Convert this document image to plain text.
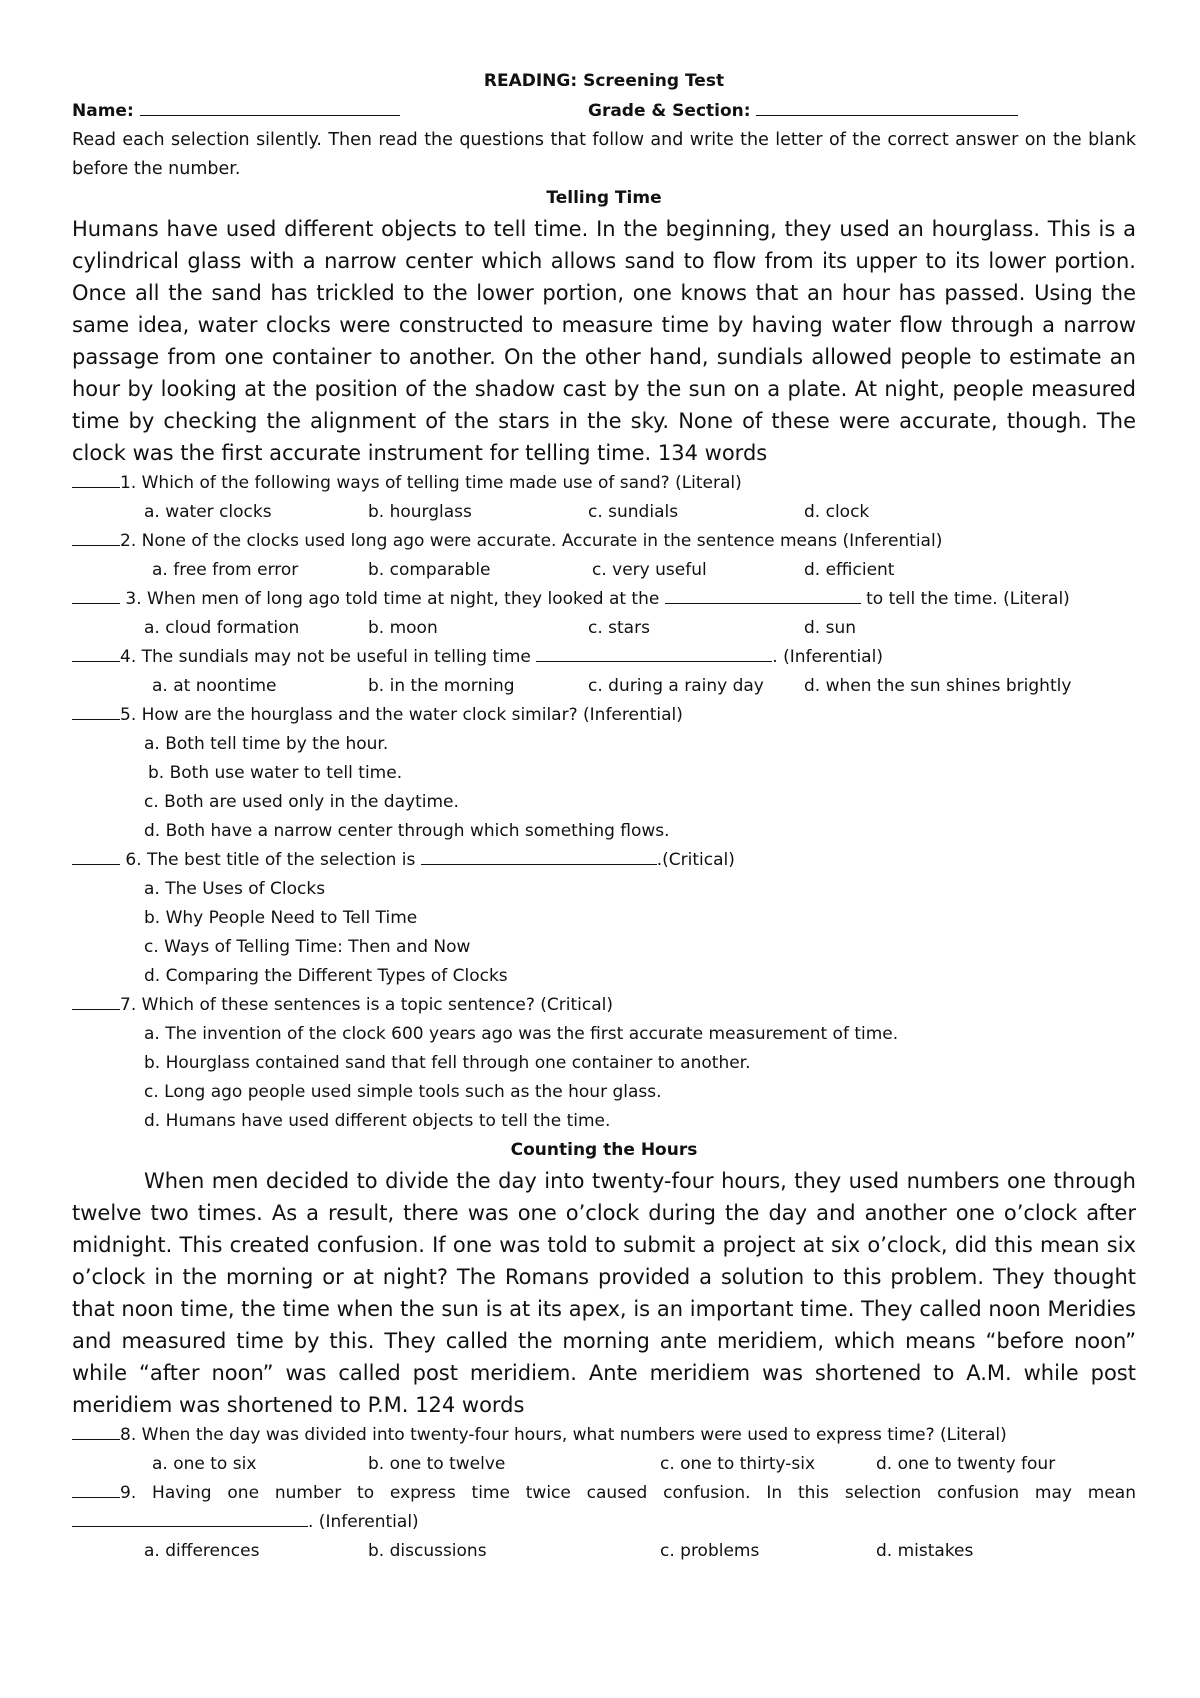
READING: Screening Test
Name:	Grade & Section:
Read each selection silently. Then read the questions that follow and write the letter of the correct answer on the blank before the number.
Telling Time
Humans have used different objects to tell time. In the beginning, they used an hourglass. This is a cylindrical glass with a narrow center which allows sand to flow from its upper to its lower portion. Once all the sand has trickled to the lower portion, one knows that an hour has passed. Using the same idea, water clocks were constructed to measure time by having water flow through a narrow passage from one container to another. On the other hand, sundials allowed people to estimate an hour by looking at the position of the shadow cast by the sun on a plate. At night, people measured time by checking the alignment of the stars in the sky. None of these were accurate, though. The clock was the first accurate instrument for telling time. 134 words
1. Which of the following ways of telling time made use of sand? (Literal)
a. water clocks	b. hourglass	c. sundials	d. clock
2. None of the clocks used long ago were accurate. Accurate in the sentence means (Inferential)
a. free from error	b. comparable	c. very useful	d. efficient
3. When men of long ago told time at night, they looked at the	to tell the time. (Literal)
a. cloud formation	b. moon	c. stars	d. sun
4. The sundials may not be useful in telling time	. (Inferential)
a. at noontime	b. in the morning	c. during a rainy day d. when the sun shines brightly
5. How are the hourglass and the water clock similar? (Inferential)
a. Both tell time by the hour.
b. Both use water to tell time.
c. Both are used only in the daytime.
d. Both have a narrow center through which something flows.
6. The best title of the selection is	.(Critical)
a. The Uses of Clocks
b. Why People Need to Tell Time
c. Ways of Telling Time: Then and Now
d. Comparing the Different Types of Clocks
7. Which of these sentences is a topic sentence? (Critical)
a. The invention of the clock 600 years ago was the first accurate measurement of time.
b. Hourglass contained sand that fell through one container to another.
c. Long ago people used simple tools such as the hour glass.
d. Humans have used different objects to tell the time.
Counting the Hours
When men decided to divide the day into twenty-four hours, they used numbers one through twelve two times. As a result, there was one o’clock during the day and another one o’clock after midnight. This created confusion. If one was told to submit a project at six o’clock, did this mean six o’clock in the morning or at night? The Romans provided a solution to this problem. They thought that noon time, the time when the sun is at its apex, is an important time. They called noon Meridies and measured time by this. They called the morning ante meridiem, which means “before noon” while “after noon” was called post meridiem. Ante meridiem was shortened to A.M. while post meridiem was shortened to P.M. 124 words
8. When the day was divided into twenty-four hours, what numbers were used to express time? (Literal)
a. one to six	b. one to twelve	c. one to thirty-six	d. one to twenty four
9. Having one number to express time twice caused confusion. In this selection confusion may mean
. (Inferential)
a. differences	b. discussions	c. problems	d. mistakes
